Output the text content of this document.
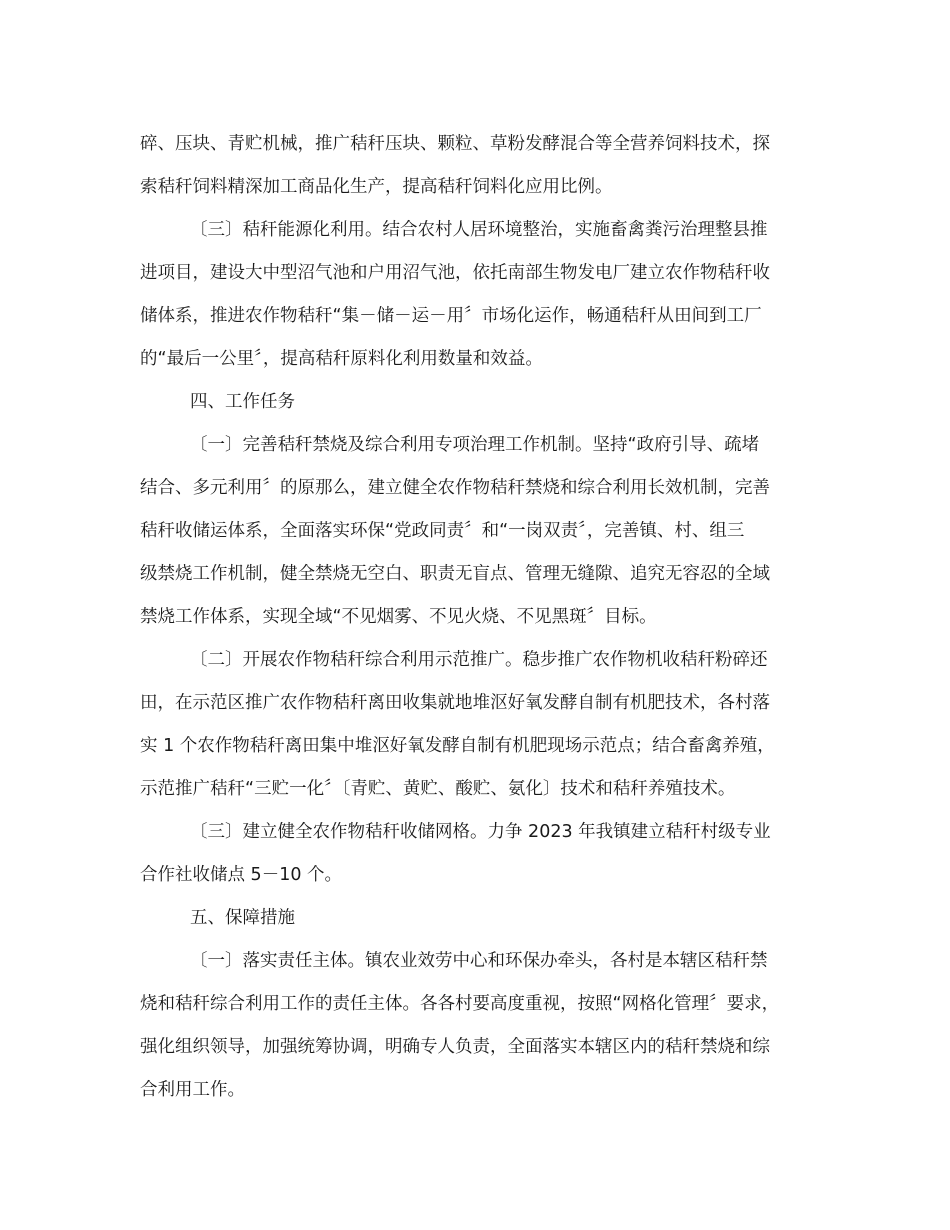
碎、压块、青贮机械，推广秸秆压块、颗粒、草粉发酵混合等全营养饲料技术，探

索秸秆饲料精深加工商品化生产，提高秸秆饲料化应用比例。

〔三〕秸秆能源化利用。结合农村人居环境整治，实施畜禽粪污治理整县推

进项目，建设大中型沼气池和户用沼气池，依托南部生物发电厂建立农作物秸秆收

储体系，推进农作物秸秆“集－储－运－用〞市场化运作，畅通秸秆从田间到工厂

的“最后一公里〞，提高秸秆原料化利用数量和效益。

四、工作任务

〔一〕完善秸秆禁烧及综合利用专项治理工作机制。坚持“政府引导、疏堵

结合、多元利用〞的原那么，建立健全农作物秸秆禁烧和综合利用长效机制，完善

秸秆收储运体系，全面落实环保“党政同责〞和“一岗双责〞，完善镇、村、组三

级禁烧工作机制，健全禁烧无空白、职责无盲点、管理无缝隙、追究无容忍的全域

禁烧工作体系，实现全域“不见烟雾、不见火烧、不见黑斑〞目标。

〔二〕开展农作物秸秆综合利用示范推广。稳步推广农作物机收秸秆粉碎还

田，在示范区推广农作物秸秆离田收集就地堆沤好氧发酵自制有机肥技术，各村落

实 1 个农作物秸秆离田集中堆沤好氧发酵自制有机肥现场示范点；结合畜禽养殖，

示范推广秸秆“三贮一化〞〔青贮、黄贮、酸贮、氨化〕技术和秸秆养殖技术。

〔三〕建立健全农作物秸秆收储网格。力争 2023 年我镇建立秸秆村级专业

合作社收储点 5－10 个。

五、保障措施

〔一〕落实责任主体。镇农业效劳中心和环保办牵头，各村是本辖区秸秆禁

烧和秸秆综合利用工作的责任主体。各各村要高度重视，按照“网格化管理〞要求，

强化组织领导，加强统筹协调，明确专人负责，全面落实本辖区内的秸秆禁烧和综

合利用工作。
